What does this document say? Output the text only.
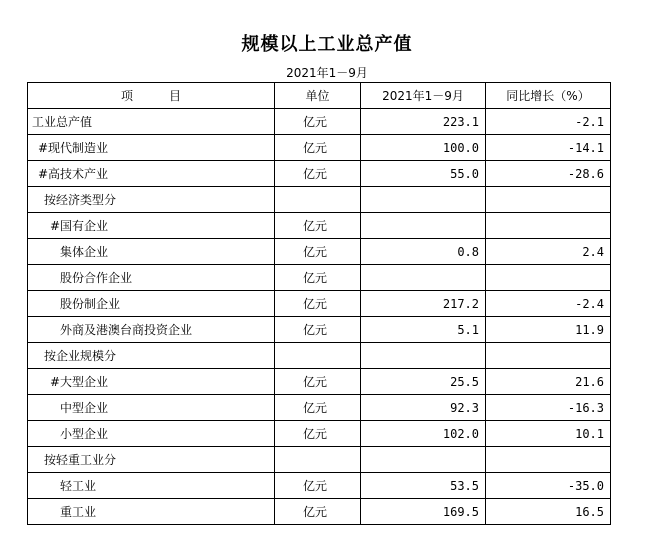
规模以上工业总产值
2021年1－9月
项　　　目	单位	2021年1－9月	同比增长（%）
工业总产值	亿元	223.1	-2.1
#现代制造业	亿元	100.0	-14.1
#高技术产业	亿元	55.0	-28.6
按经济类型分			
#国有企业	亿元		
集体企业	亿元	0.8	2.4
股份合作企业	亿元		
股份制企业	亿元	217.2	-2.4
外商及港澳台商投资企业	亿元	5.1	11.9
按企业规模分			
#大型企业	亿元	25.5	21.6
中型企业	亿元	92.3	-16.3
小型企业	亿元	102.0	10.1
按轻重工业分			
轻工业	亿元	53.5	-35.0
重工业	亿元	169.5	16.5
